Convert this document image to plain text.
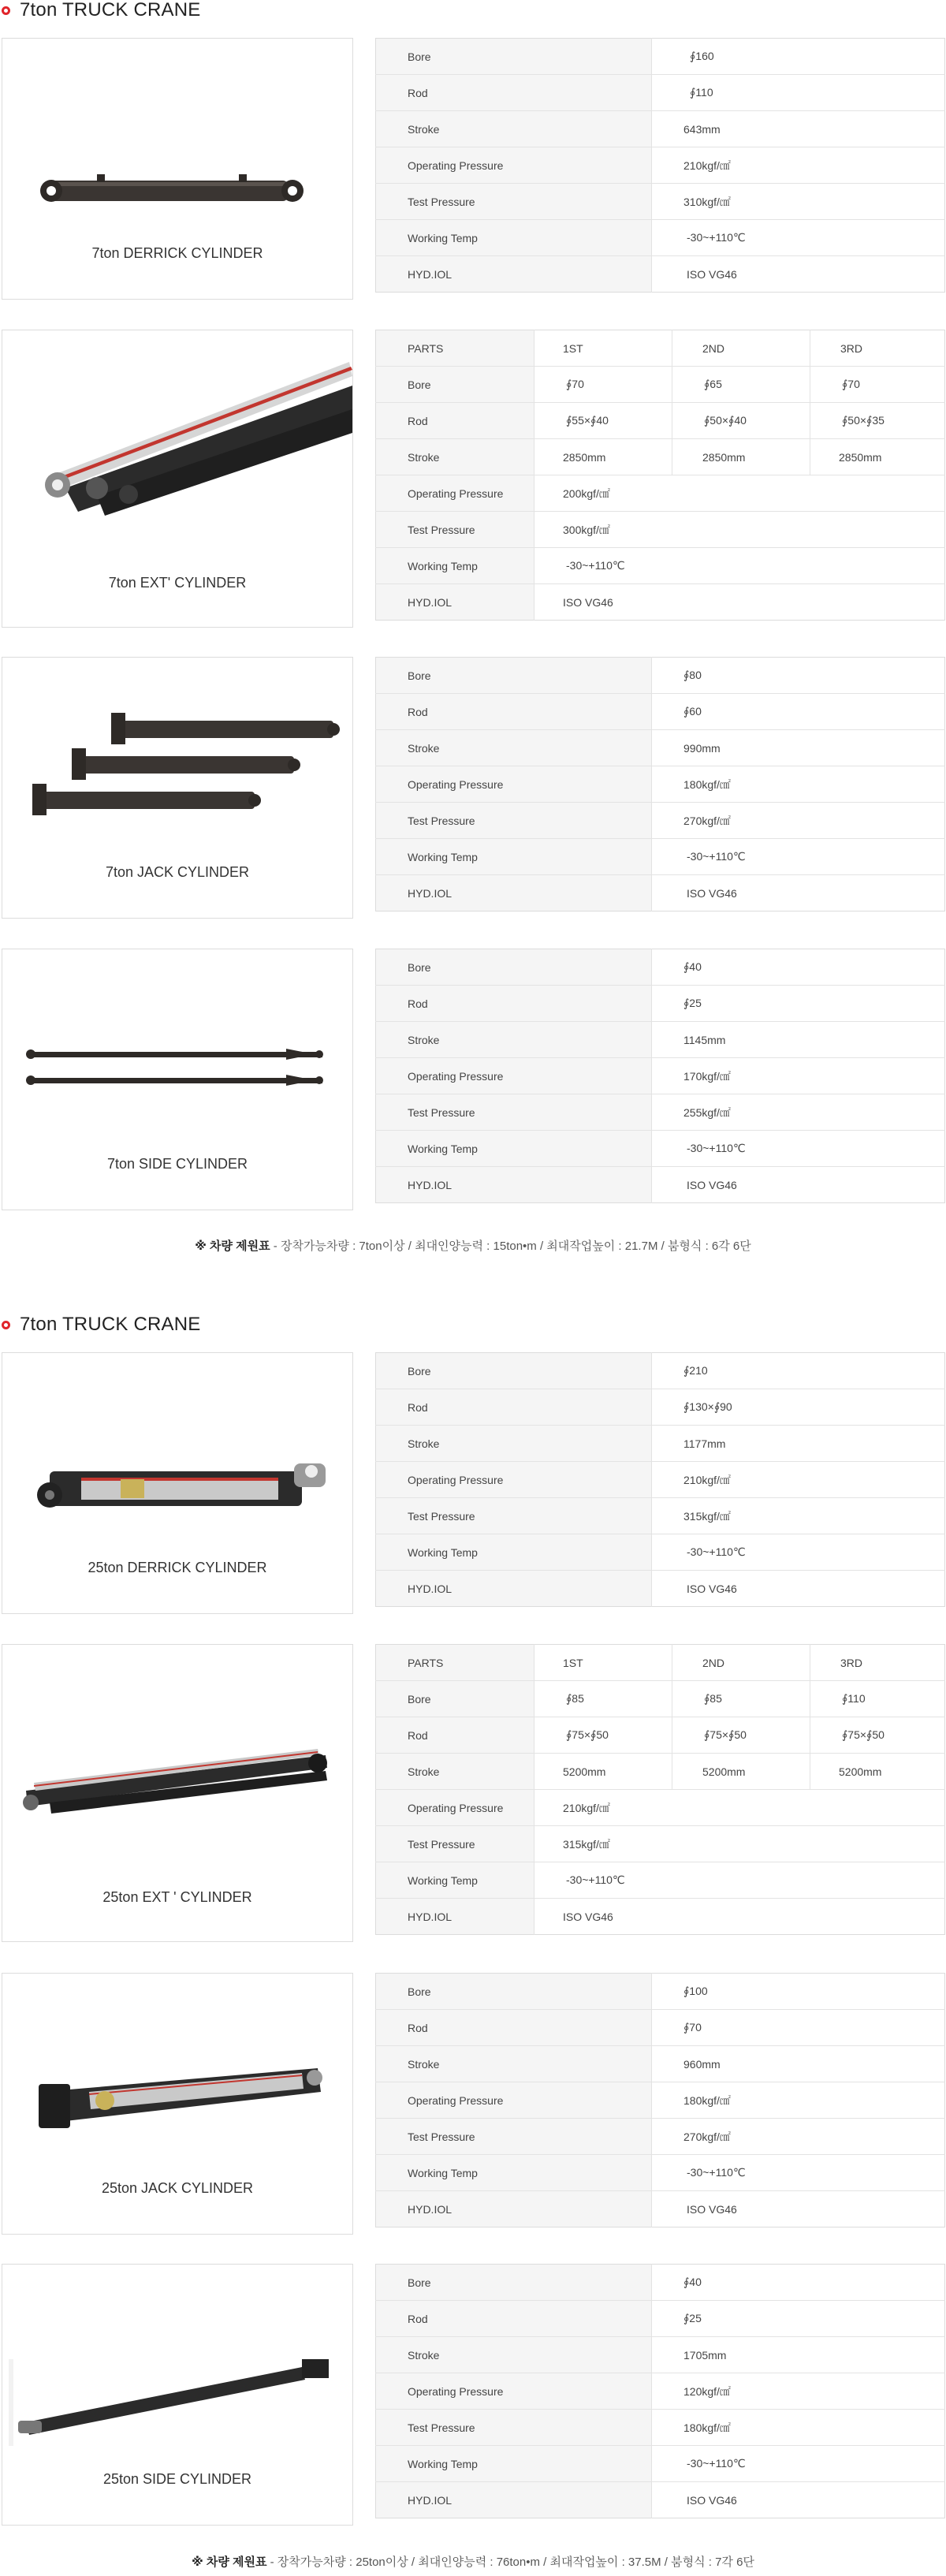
7ton TRUCK CRANE
7ton DERRICK CYLINDER
Bore	∮160
Rod	∮110
Stroke	643mm
Operating Pressure	210kgf/㎠
Test Pressure	310kgf/㎠
Working Temp	-30~+110℃
HYD.IOL	ISO VG46
7ton EXT' CYLINDER
PARTS	1ST	2ND	3RD
Bore	∮70	∮65	∮70
Rod	∮55×∮40	∮50×∮40	∮50×∮35
Stroke	2850mm	2850mm	2850mm
Operating Pressure	200kgf/㎠		
Test Pressure	300kgf/㎠		
Working Temp	-30~+110℃		
HYD.IOL	ISO VG46		
7ton JACK CYLINDER
Bore	∮80
Rod	∮60
Stroke	990mm
Operating Pressure	180kgf/㎠
Test Pressure	270kgf/㎠
Working Temp	-30~+110℃
HYD.IOL	ISO VG46
7ton SIDE CYLINDER
Bore	∮40
Rod	∮25
Stroke	1145mm
Operating Pressure	170kgf/㎠
Test Pressure	255kgf/㎠
Working Temp	-30~+110℃
HYD.IOL	ISO VG46
※ 차량 제원표 - 장착가능차량 : 7ton이상 / 최대인양능력 : 15ton•m / 최대작업높이 : 21.7M / 붐형식 : 6각 6단
7ton TRUCK CRANE
25ton DERRICK CYLINDER
Bore	∮210
Rod	∮130×∮90
Stroke	1177mm
Operating Pressure	210kgf/㎠
Test Pressure	315kgf/㎠
Working Temp	-30~+110℃
HYD.IOL	ISO VG46
25ton EXT ' CYLINDER
PARTS	1ST	2ND	3RD
Bore	∮85	∮85	∮110
Rod	∮75×∮50	∮75×∮50	∮75×∮50
Stroke	5200mm	5200mm	5200mm
Operating Pressure	210kgf/㎠		
Test Pressure	315kgf/㎠		
Working Temp	-30~+110℃		
HYD.IOL	ISO VG46		
25ton JACK CYLINDER
Bore	∮100
Rod	∮70
Stroke	960mm
Operating Pressure	180kgf/㎠
Test Pressure	270kgf/㎠
Working Temp	-30~+110℃
HYD.IOL	ISO VG46
25ton SIDE CYLINDER
Bore	∮40
Rod	∮25
Stroke	1705mm
Operating Pressure	120kgf/㎠
Test Pressure	180kgf/㎠
Working Temp	-30~+110℃
HYD.IOL	ISO VG46
※ 차량 제원표 - 장착가능차량 : 25ton이상 / 최대인양능력 : 76ton•m / 최대작업높이 : 37.5M / 붐형식 : 7각 6단
